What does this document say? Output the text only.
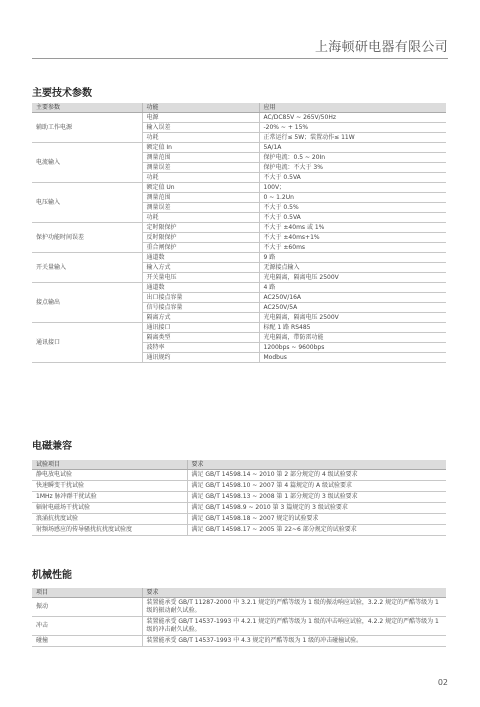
上海顿研电器有限公司
主要技术参数
主要参数	功能	应用
辅助工作电源	电源	AC/DC85V ~ 265V/50Hz
	输入误差	-20% ~ + 15%
	功耗	正常运行≤ 5W；装置动作≤ 11W
电流输入	额定值 In	5A/1A
	测量范围	保护电流：0.5 ~ 20In
	测量误差	保护电流：不大于 3%
	功耗	不大于 0.5VA
电压输入	额定值 Un	100V；
	测量范围	0 ~ 1.2Un
	测量误差	不大于 0.5%
	功耗	不大于 0.5VA
保护功能时间误差	定时限保护	不大于 ±40ms 或 1%
	反时限保护	不大于 ±40ms+1%
	重合闸保护	不大于 ±60ms
开关量输入	通道数	9 路
	输入方式	无源接点输入
	开关量电压	光电隔离，隔离电压 2500V
接点输出	通道数	4 路
	出口接点容量	AC250V/16A
	信号接点容量	AC250V/5A
	隔离方式	光电隔离，隔离电压 2500V
通讯接口	通讯接口	标配 1 路 RS485
	隔离类型	光电隔离，带防雷功能
	波特率	1200bps ~ 9600bps
	通讯规约	Modbus
电磁兼容
试验项目	要求
静电放电试验	满足 GB/T 14598.14 ~ 2010 第 2 部分规定的 4 级试验要求
快速瞬变干扰试验	满足 GB/T 14598.10 ~ 2007 第 4 篇规定的 A 级试验要求
1MHz 脉冲群干扰试验	满足 GB/T 14598.13 ~ 2008 第 1 部分规定的 3 级试验要求
辐射电磁场干扰试验	满足 GB/T 14598.9 ~ 2010 第 3 篇规定的 3 级试验要求
浪涌抗扰度试验	满足 GB/T 14598.18 ~ 2007 规定的试验要求
射频场感应的传导骚扰抗扰度试验度	满足 GB/T 14598.17 ~ 2005 第 22~6 部分规定的试验要求
机械性能
项目	要求
振动	装置能承受 GB/T 11287-2000 中 3.2.1 规定的严酷等级为 1 级的振动响应试验，3.2.2 规定的严酷等级为 1 级的振动耐久试验。
冲击	装置能承受 GB/T 14537-1993 中 4.2.1 规定的严酷等级为 1 级的冲击响应试验，4.2.2 规定的严酷等级为 1 级的冲击耐久试验。
碰撞	装置能承受 GB/T 14537-1993 中 4.3 规定的严酷等级为 1 级的冲击碰撞试验。
02
